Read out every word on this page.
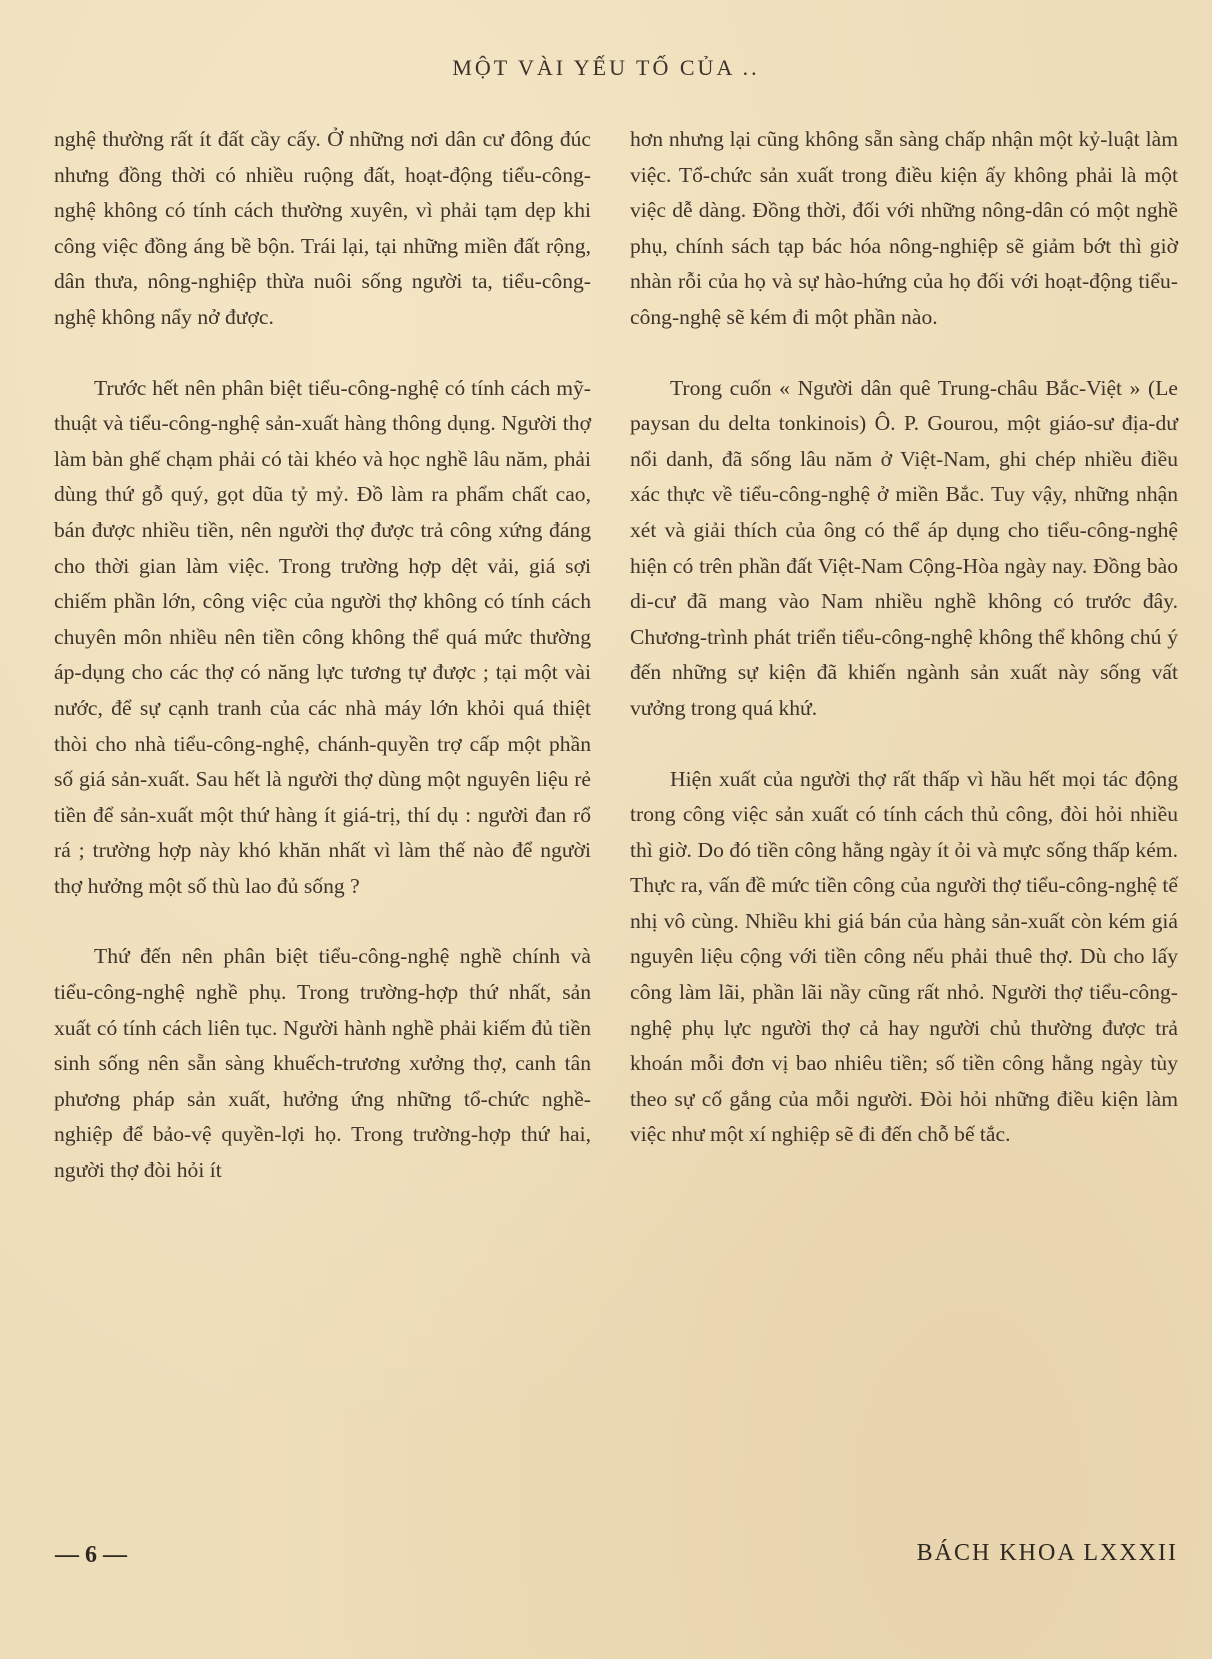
MỘT VÀI YẾU TỐ CỦA ..

nghệ thường rất ít đất cầy cấy. Ở những nơi dân cư đông đúc nhưng đồng thời có nhiều ruộng đất, hoạt-động tiểu-công-nghệ không có tính cách thường xuyên, vì phải tạm dẹp khi công việc đồng áng bề bộn. Trái lại, tại những miền đất rộng, dân thưa, nông-nghiệp thừa nuôi sống người ta, tiểu-công-nghệ không nẩy nở được.

Trước hết nên phân biệt tiểu-công-nghệ có tính cách mỹ-thuật và tiểu-công-nghệ sản-xuất hàng thông dụng. Người thợ làm bàn ghế chạm phải có tài khéo và học nghề lâu năm, phải dùng thứ gỗ quý, gọt dũa tỷ mỷ. Đồ làm ra phẩm chất cao, bán được nhiều tiền, nên người thợ được trả công xứng đáng cho thời gian làm việc. Trong trường hợp dệt vải, giá sợi chiếm phần lớn, công việc của người thợ không có tính cách chuyên môn nhiều nên tiền công không thể quá mức thường áp-dụng cho các thợ có năng lực tương tự được ; tại một vài nước, để sự cạnh tranh của các nhà máy lớn khỏi quá thiệt thòi cho nhà tiểu-công-nghệ, chánh-quyền trợ cấp một phần số giá sản-xuất. Sau hết là người thợ dùng một nguyên liệu rẻ tiền để sản-xuất một thứ hàng ít giá-trị, thí dụ : người đan rổ rá ; trường hợp này khó khăn nhất vì làm thế nào để người thợ hưởng một số thù lao đủ sống ?

Thứ đến nên phân biệt tiểu-công-nghệ nghề chính và tiểu-công-nghệ nghề phụ. Trong trường-hợp thứ nhất, sản xuất có tính cách liên tục. Người hành nghề phải kiếm đủ tiền sinh sống nên sẵn sàng khuếch-trương xưởng thợ, canh tân phương pháp sản xuất, hưởng ứng những tổ-chức nghề-nghiệp để bảo-vệ quyền-lợi họ. Trong trường-hợp thứ hai, người thợ đòi hỏi ít

hơn nhưng lại cũng không sẵn sàng chấp nhận một kỷ-luật làm việc. Tổ-chức sản xuất trong điều kiện ấy không phải là một việc dễ dàng. Đồng thời, đối với những nông-dân có một nghề phụ, chính sách tạp bác hóa nông-nghiệp sẽ giảm bớt thì giờ nhàn rỗi của họ và sự hào-hứng của họ đối với hoạt-động tiểu-công-nghệ sẽ kém đi một phần nào.

Trong cuốn « Người dân quê Trung-châu Bắc-Việt » (Le paysan du delta tonkinois) Ô. P. Gourou, một giáo-sư địa-dư nổi danh, đã sống lâu năm ở Việt-Nam, ghi chép nhiều điều xác thực về tiểu-công-nghệ ở miền Bắc. Tuy vậy, những nhận xét và giải thích của ông có thể áp dụng cho tiểu-công-nghệ hiện có trên phần đất Việt-Nam Cộng-Hòa ngày nay. Đồng bào di-cư đã mang vào Nam nhiều nghề không có trước đây. Chương-trình phát triển tiểu-công-nghệ không thể không chú ý đến những sự kiện đã khiến ngành sản xuất này sống vất vưởng trong quá khứ.

Hiện xuất của người thợ rất thấp vì hầu hết mọi tác động trong công việc sản xuất có tính cách thủ công, đòi hỏi nhiều thì giờ. Do đó tiền công hằng ngày ít ỏi và mực sống thấp kém. Thực ra, vấn đề mức tiền công của người thợ tiểu-công-nghệ tế nhị vô cùng. Nhiều khi giá bán của hàng sản-xuất còn kém giá nguyên liệu cộng với tiền công nếu phải thuê thợ. Dù cho lấy công làm lãi, phần lãi nầy cũng rất nhỏ. Người thợ tiểu-công-nghệ phụ lực người thợ cả hay người chủ thường được trả khoán mỗi đơn vị bao nhiêu tiền; số tiền công hằng ngày tùy theo sự cố gắng của mỗi người. Đòi hỏi những điều kiện làm việc như một xí nghiệp sẽ đi đến chỗ bế tắc.

— 6 —	BÁCH KHOA LXXXII
